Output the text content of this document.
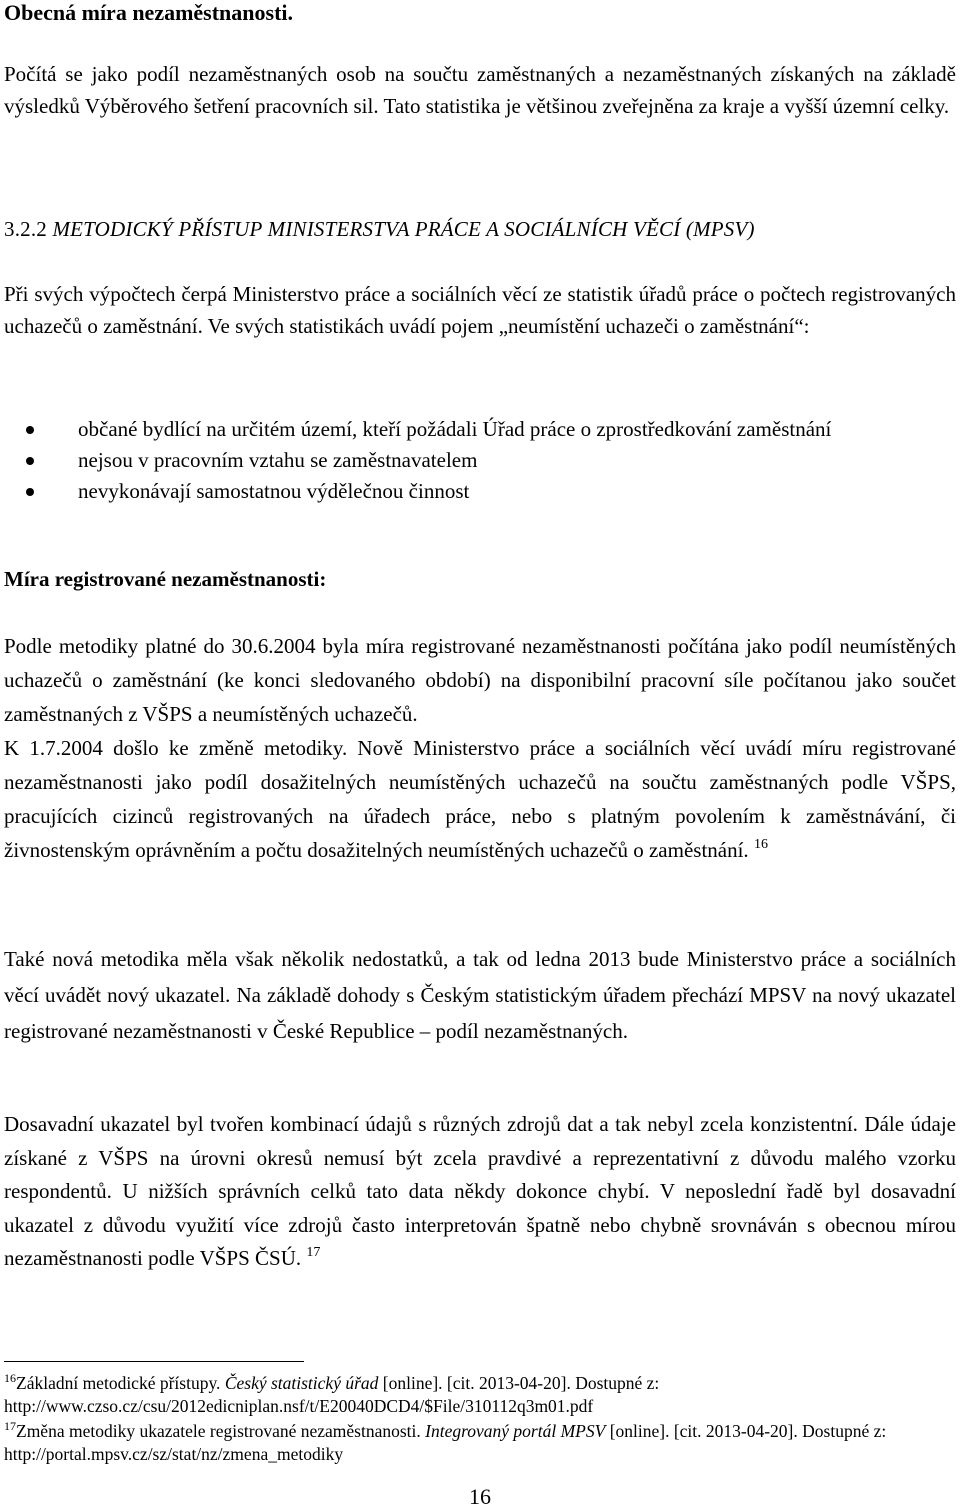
Obecná míra nezaměstnanosti.
Počítá se jako podíl nezaměstnaných osob na součtu zaměstnaných a nezaměstnaných získaných na základě výsledků Výběrového šetření pracovních sil. Tato statistika je většinou zveřejněna za kraje a vyšší územní celky.
3.2.2 METODICKÝ PŘÍSTUP MINISTERSTVA PRÁCE A SOCIÁLNÍCH VĚCÍ (MPSV)
Při svých výpočtech čerpá Ministerstvo práce a sociálních věcí ze statistik úřadů práce o počtech registrovaných uchazečů o zaměstnání. Ve svých statistikách uvádí pojem „neumístění uchazeči o zaměstnání“:
občané bydlící na určitém území, kteří požádali Úřad práce o zprostředkování zaměstnání
nejsou v pracovním vztahu se zaměstnavatelem
nevykonávají samostatnou výdělečnou činnost
Míra registrované nezaměstnanosti:
Podle metodiky platné do 30.6.2004 byla míra registrované nezaměstnanosti počítána jako podíl neumístěných uchazečů o zaměstnání (ke konci sledovaného období) na disponibilní pracovní síle počítanou jako součet zaměstnaných z VŠPS a neumístěných uchazečů.
K 1.7.2004 došlo ke změně metodiky. Nově Ministerstvo práce a sociálních věcí uvádí míru registrované nezaměstnanosti jako podíl dosažitelných neumístěných uchazečů na součtu zaměstnaných podle VŠPS, pracujících cizinců registrovaných na úřadech práce, nebo s platným povolením k zaměstnávání, či živnostenským oprávněním a počtu dosažitelných neumístěných uchazečů o zaměstnání. $^{16}$
Také nová metodika měla však několik nedostatků, a tak od ledna 2013 bude Ministerstvo práce a sociálních věcí uvádět nový ukazatel. Na základě dohody s Českým statistickým úřadem přechází MPSV na nový ukazatel registrované nezaměstnanosti v České Republice – podíl nezaměstnaných.
Dosavadní ukazatel byl tvořen kombinací údajů s různých zdrojů dat a tak nebyl zcela konzistentní. Dále údaje získané z VŠPS na úrovni okresů nemusí být zcela pravdivé a reprezentativní z důvodu malého vzorku respondentů. U nižších správních celků tato data někdy dokonce chybí. V neposlední řadě byl dosavadní ukazatel z důvodu využití více zdrojů často interpretován špatně nebo chybně srovnáván s obecnou mírou nezaměstnanosti podle VŠPS ČSÚ. $^{17}$
$^{16}$Základní metodické přístupy. Český statistický úřad [online]. [cit. 2013-04-20]. Dostupné z: http://www.czso.cz/csu/2012edicniplan.nsf/t/E20040DCD4/$File/310112q3m01.pdf
$^{17}$Změna metodiky ukazatele registrované nezaměstnanosti. Integrovaný portál MPSV [online]. [cit. 2013-04-20]. Dostupné z: http://portal.mpsv.cz/sz/stat/nz/zmena_metodiky
16
